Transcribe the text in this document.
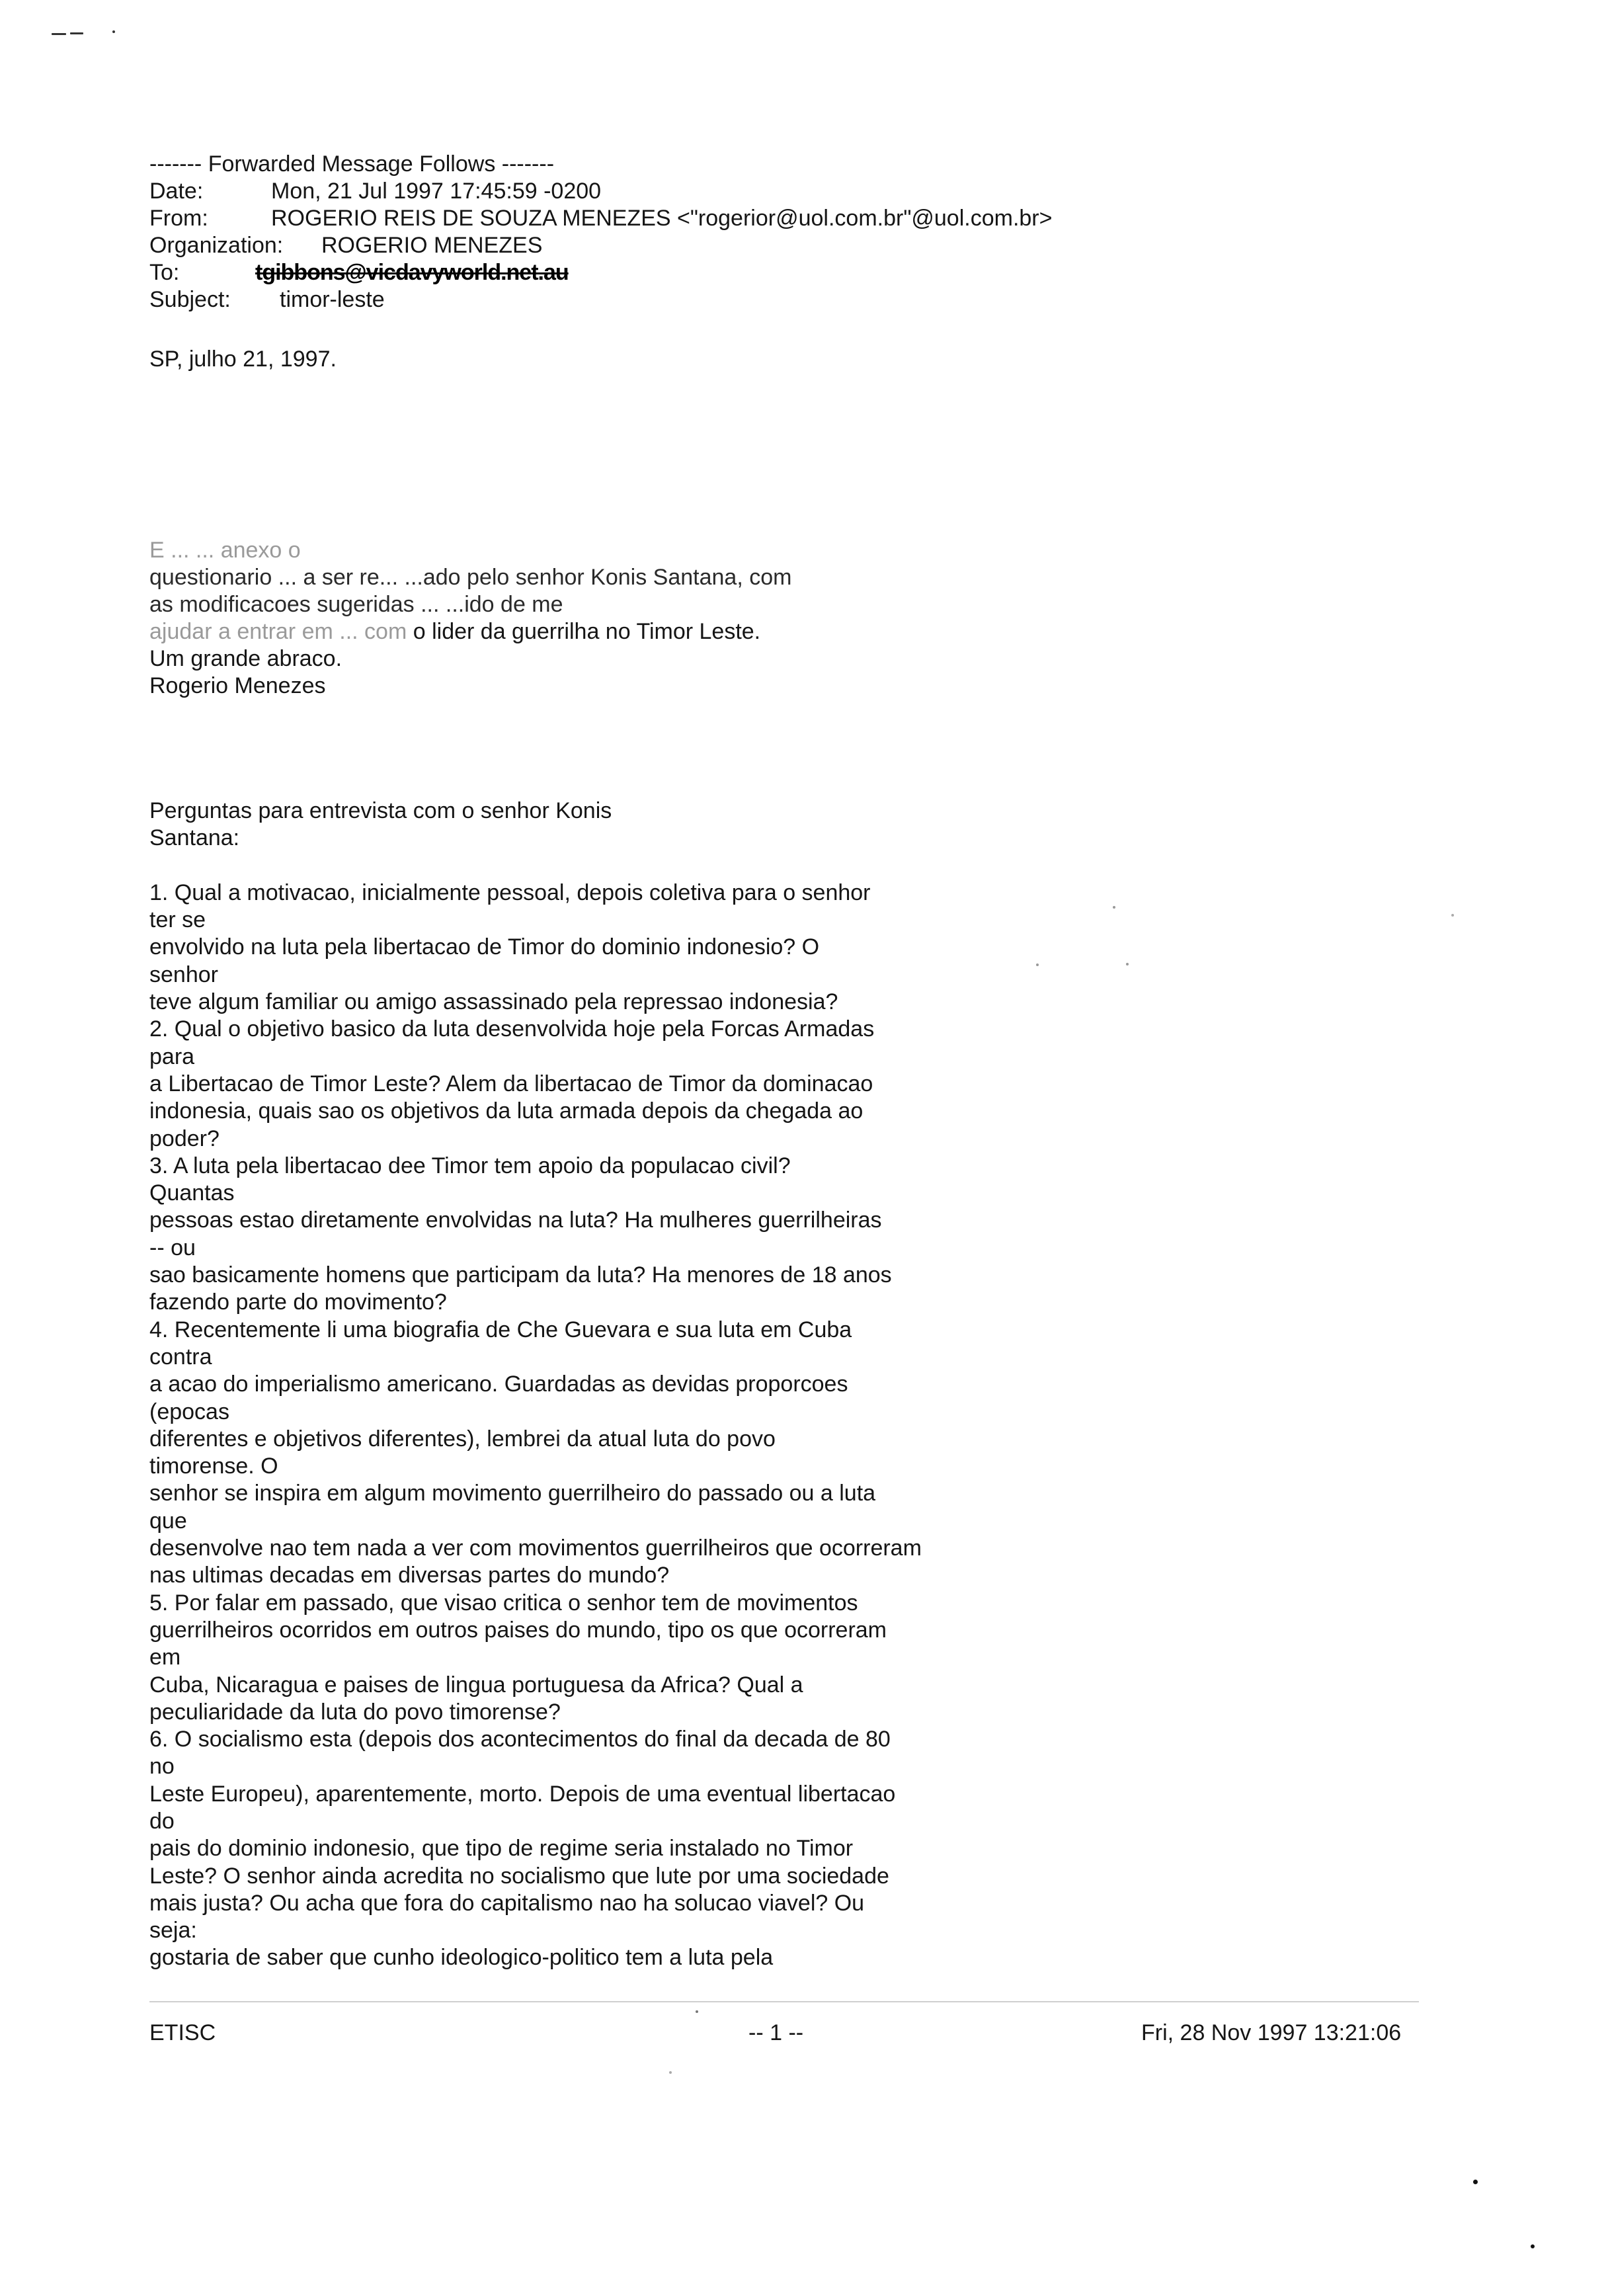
------- Forwarded Message Follows -------
Date:	Mon, 21 Jul 1997 17:45:59 -0200
From:	ROGERIO REIS DE SOUZA MENEZES <"rogerior@uol.com.br"@uol.com.br>
Organization: ROGERIO MENEZES
To:	tgibbons@vicdavyworld.net.au
Subject: timor-leste
SP, julho 21, 1997.
E ... ... anexo o
questionario ... a ser re... ...ado pelo senhor Konis Santana, com
as modificacoes sugeridas ... ...ido de me
ajudar a entrar em ... com o lider da guerrilha no Timor Leste.
Um grande abraco.
Rogerio Menezes
Perguntas para entrevista com o senhor Konis
Santana:

1. Qual a motivacao, inicialmente pessoal, depois coletiva para o senhor
ter se
envolvido na luta pela libertacao de Timor do dominio indonesio? O
senhor
teve algum familiar ou amigo assassinado pela repressao indonesia?
2. Qual o objetivo basico da luta desenvolvida hoje pela Forcas Armadas
para
a Libertacao de Timor Leste? Alem da libertacao de Timor da dominacao
indonesia, quais sao os objetivos da luta armada depois da chegada ao
poder?
3. A luta pela libertacao dee Timor tem apoio da populacao civil?
Quantas
pessoas estao diretamente envolvidas na luta? Ha mulheres guerrilheiras
-- ou
sao basicamente homens que participam da luta? Ha menores de 18 anos
fazendo parte do movimento?
4. Recentemente li uma biografia de Che Guevara e sua luta em Cuba
contra
a acao do imperialismo americano. Guardadas as devidas proporcoes
(epocas
diferentes e objetivos diferentes), lembrei da atual luta do povo
timorense. O
senhor se inspira em algum movimento guerrilheiro do passado ou a luta
que
desenvolve nao tem nada a ver com movimentos guerrilheiros que ocorreram
nas ultimas decadas em diversas partes do mundo?
5. Por falar em passado, que visao critica o senhor tem de movimentos
guerrilheiros ocorridos em outros paises do mundo, tipo os que ocorreram
em
Cuba, Nicaragua e paises de lingua portuguesa da Africa? Qual a
peculiaridade da luta do povo timorense?
6. O socialismo esta (depois dos acontecimentos do final da decada de 80
no
Leste Europeu), aparentemente, morto. Depois de uma eventual libertacao
do
pais do dominio indonesio, que tipo de regime seria instalado no Timor
Leste? O senhor ainda acredita no socialismo que lute por uma sociedade
mais justa? Ou acha que fora do capitalismo nao ha solucao viavel? Ou
seja:
gostaria de saber que cunho ideologico-politico tem a luta pela
ETISC	-- 1 --	Fri, 28 Nov 1997 13:21:06
